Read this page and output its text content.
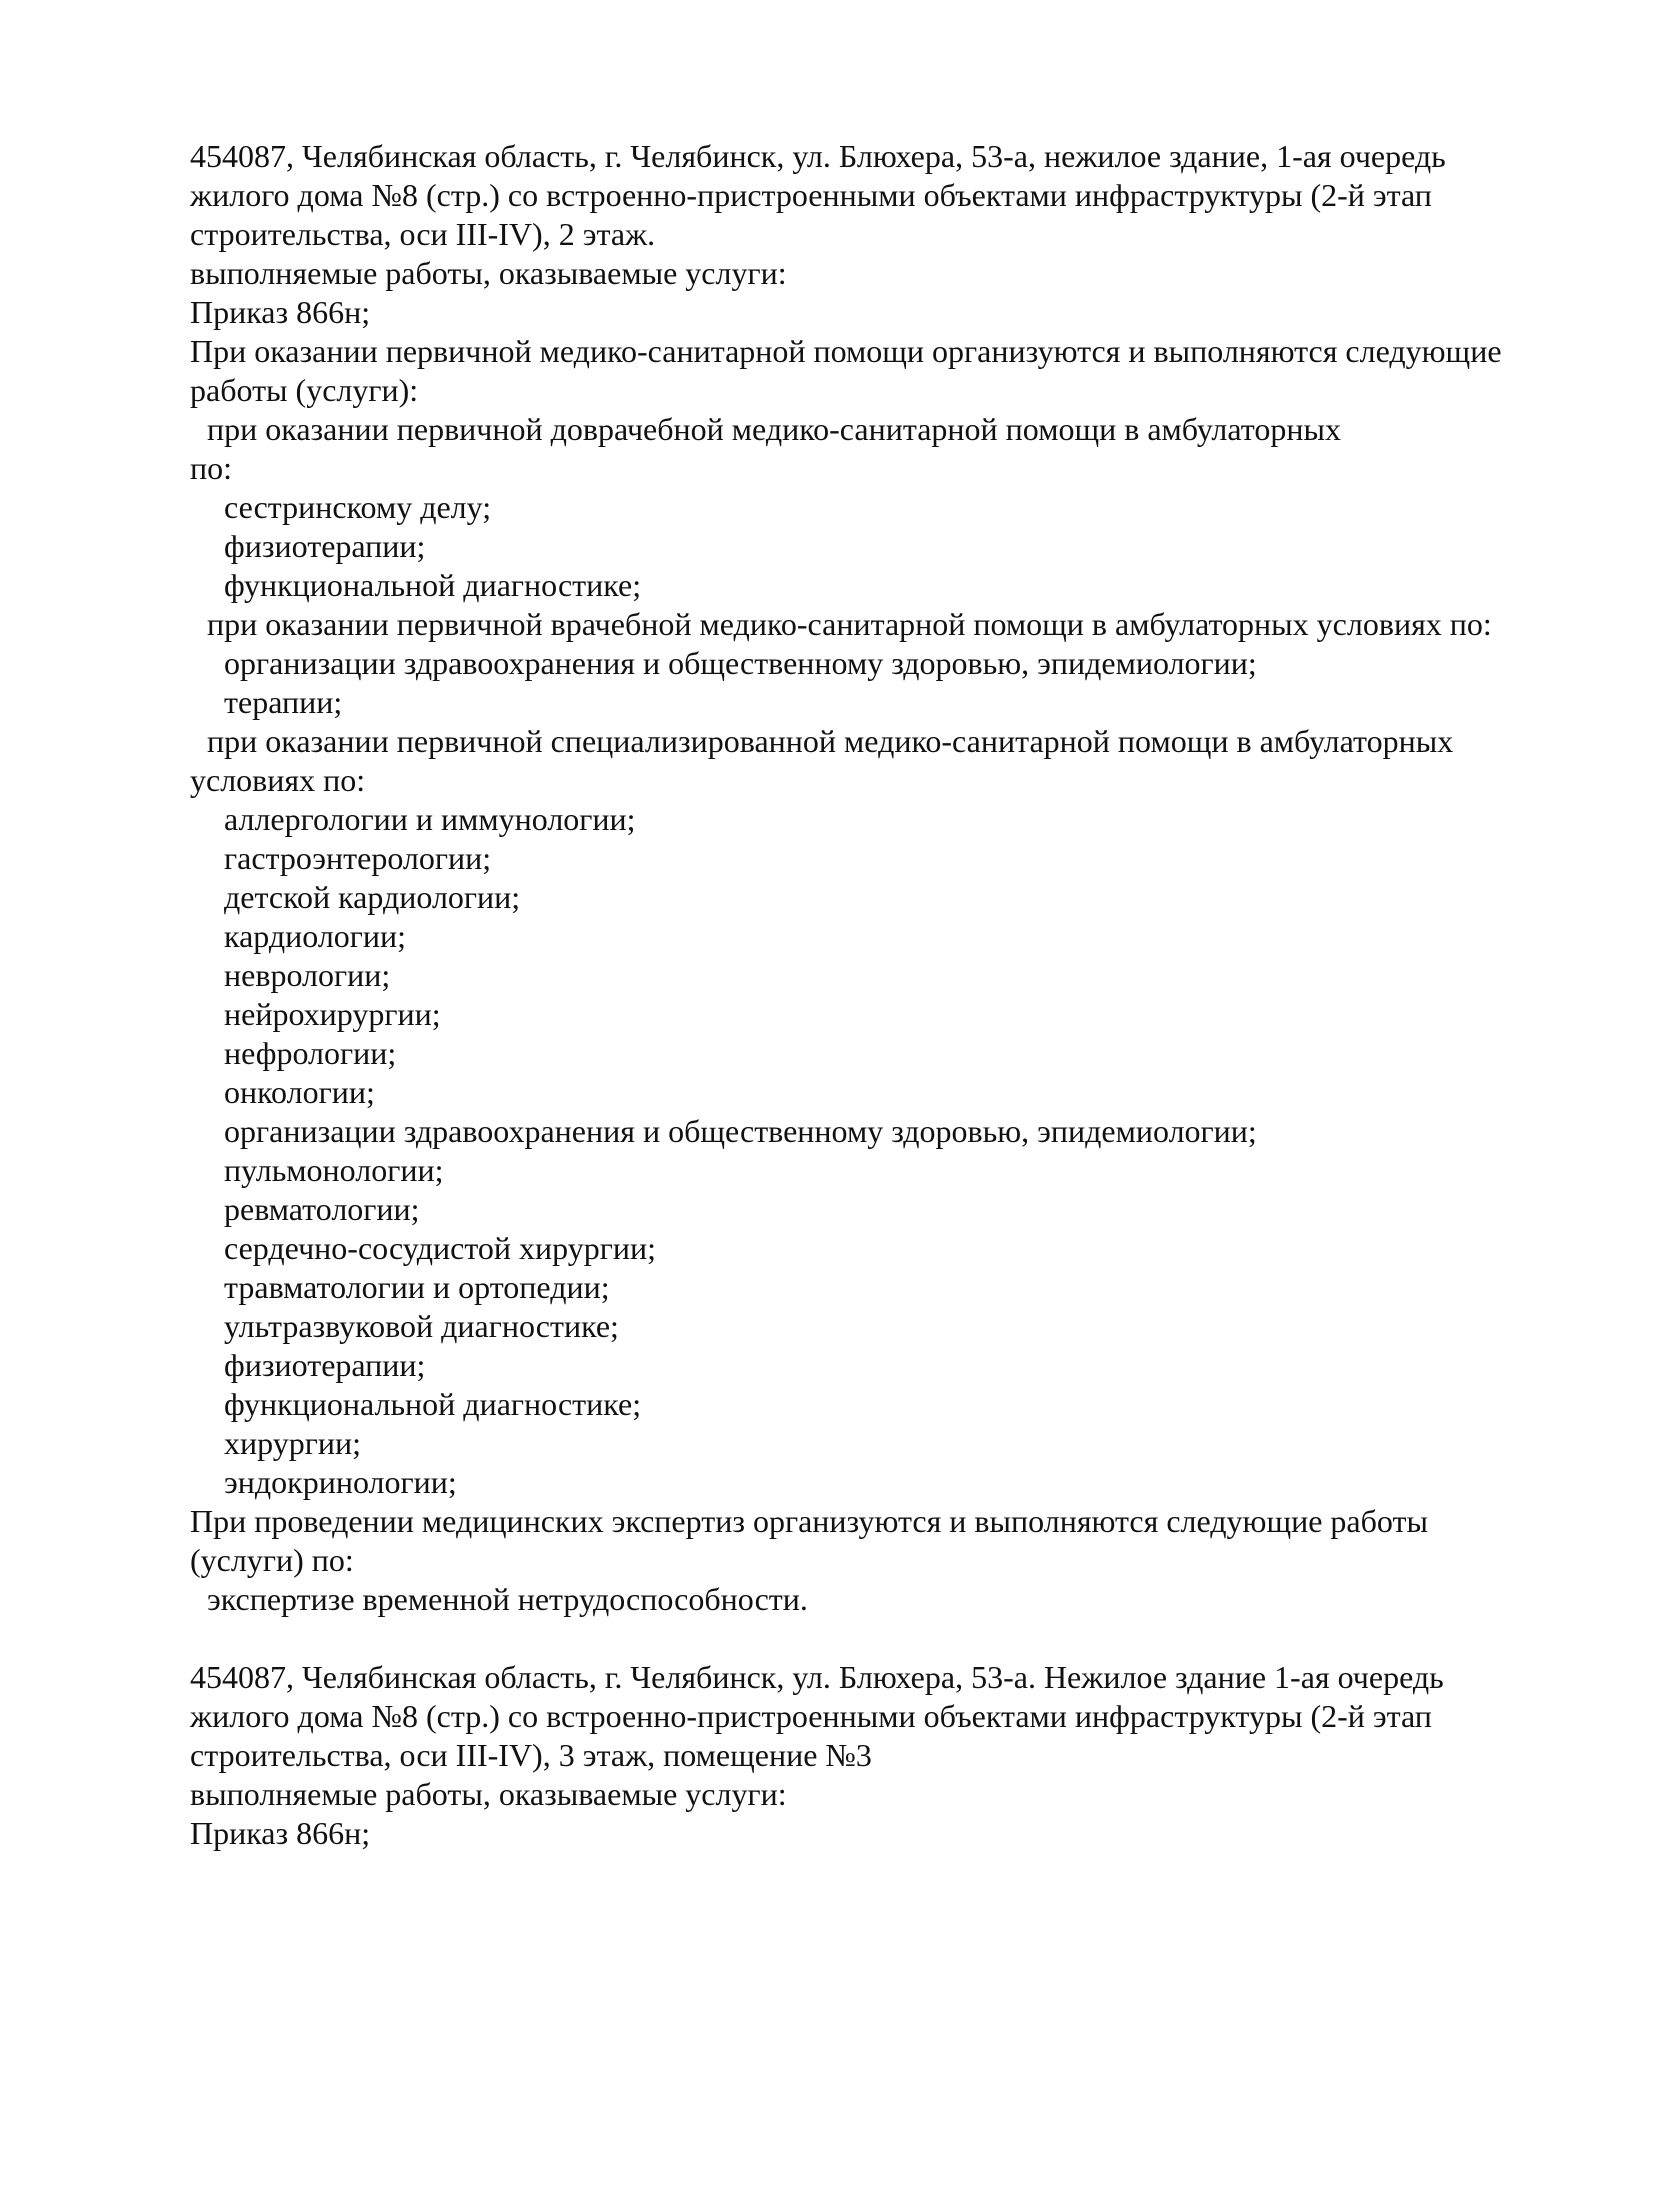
454087, Челябинская область, г. Челябинск, ул. Блюхера, 53-а, нежилое здание, 1-ая очередь
жилого дома №8 (стр.) со встроенно-пристроенными объектами инфраструктуры (2-й этап
строительства, оси III-IV), 2 этаж.
выполняемые работы, оказываемые услуги:
Приказ 866н;
При оказании первичной медико-санитарной помощи организуются и выполняются следующие
работы (услуги):
при оказании первичной доврачебной медико-санитарной помощи в амбулаторных
по:
сестринскому делу;
физиотерапии;
функциональной диагностике;
при оказании первичной врачебной медико-санитарной помощи в амбулаторных условиях по:
организации здравоохранения и общественному здоровью, эпидемиологии;
терапии;
при оказании первичной специализированной медико-санитарной помощи в амбулаторных
условиях по:
аллергологии и иммунологии;
гастроэнтерологии;
детской кардиологии;
кардиологии;
неврологии;
нейрохирургии;
нефрологии;
онкологии;
организации здравоохранения и общественному здоровью, эпидемиологии;
пульмонологии;
ревматологии;
сердечно-сосудистой хирургии;
травматологии и ортопедии;
ультразвуковой диагностике;
физиотерапии;
функциональной диагностике;
хирургии;
эндокринологии;
При проведении медицинских экспертиз организуются и выполняются следующие работы
(услуги) по:
экспертизе временной нетрудоспособности.
454087, Челябинская область, г. Челябинск, ул. Блюхера, 53-а. Нежилое здание 1-ая очередь
жилого дома №8 (стр.) со встроенно-пристроенными объектами инфраструктуры (2-й этап
строительства, оси III-IV), 3 этаж, помещение №3
выполняемые работы, оказываемые услуги:
Приказ 866н;
